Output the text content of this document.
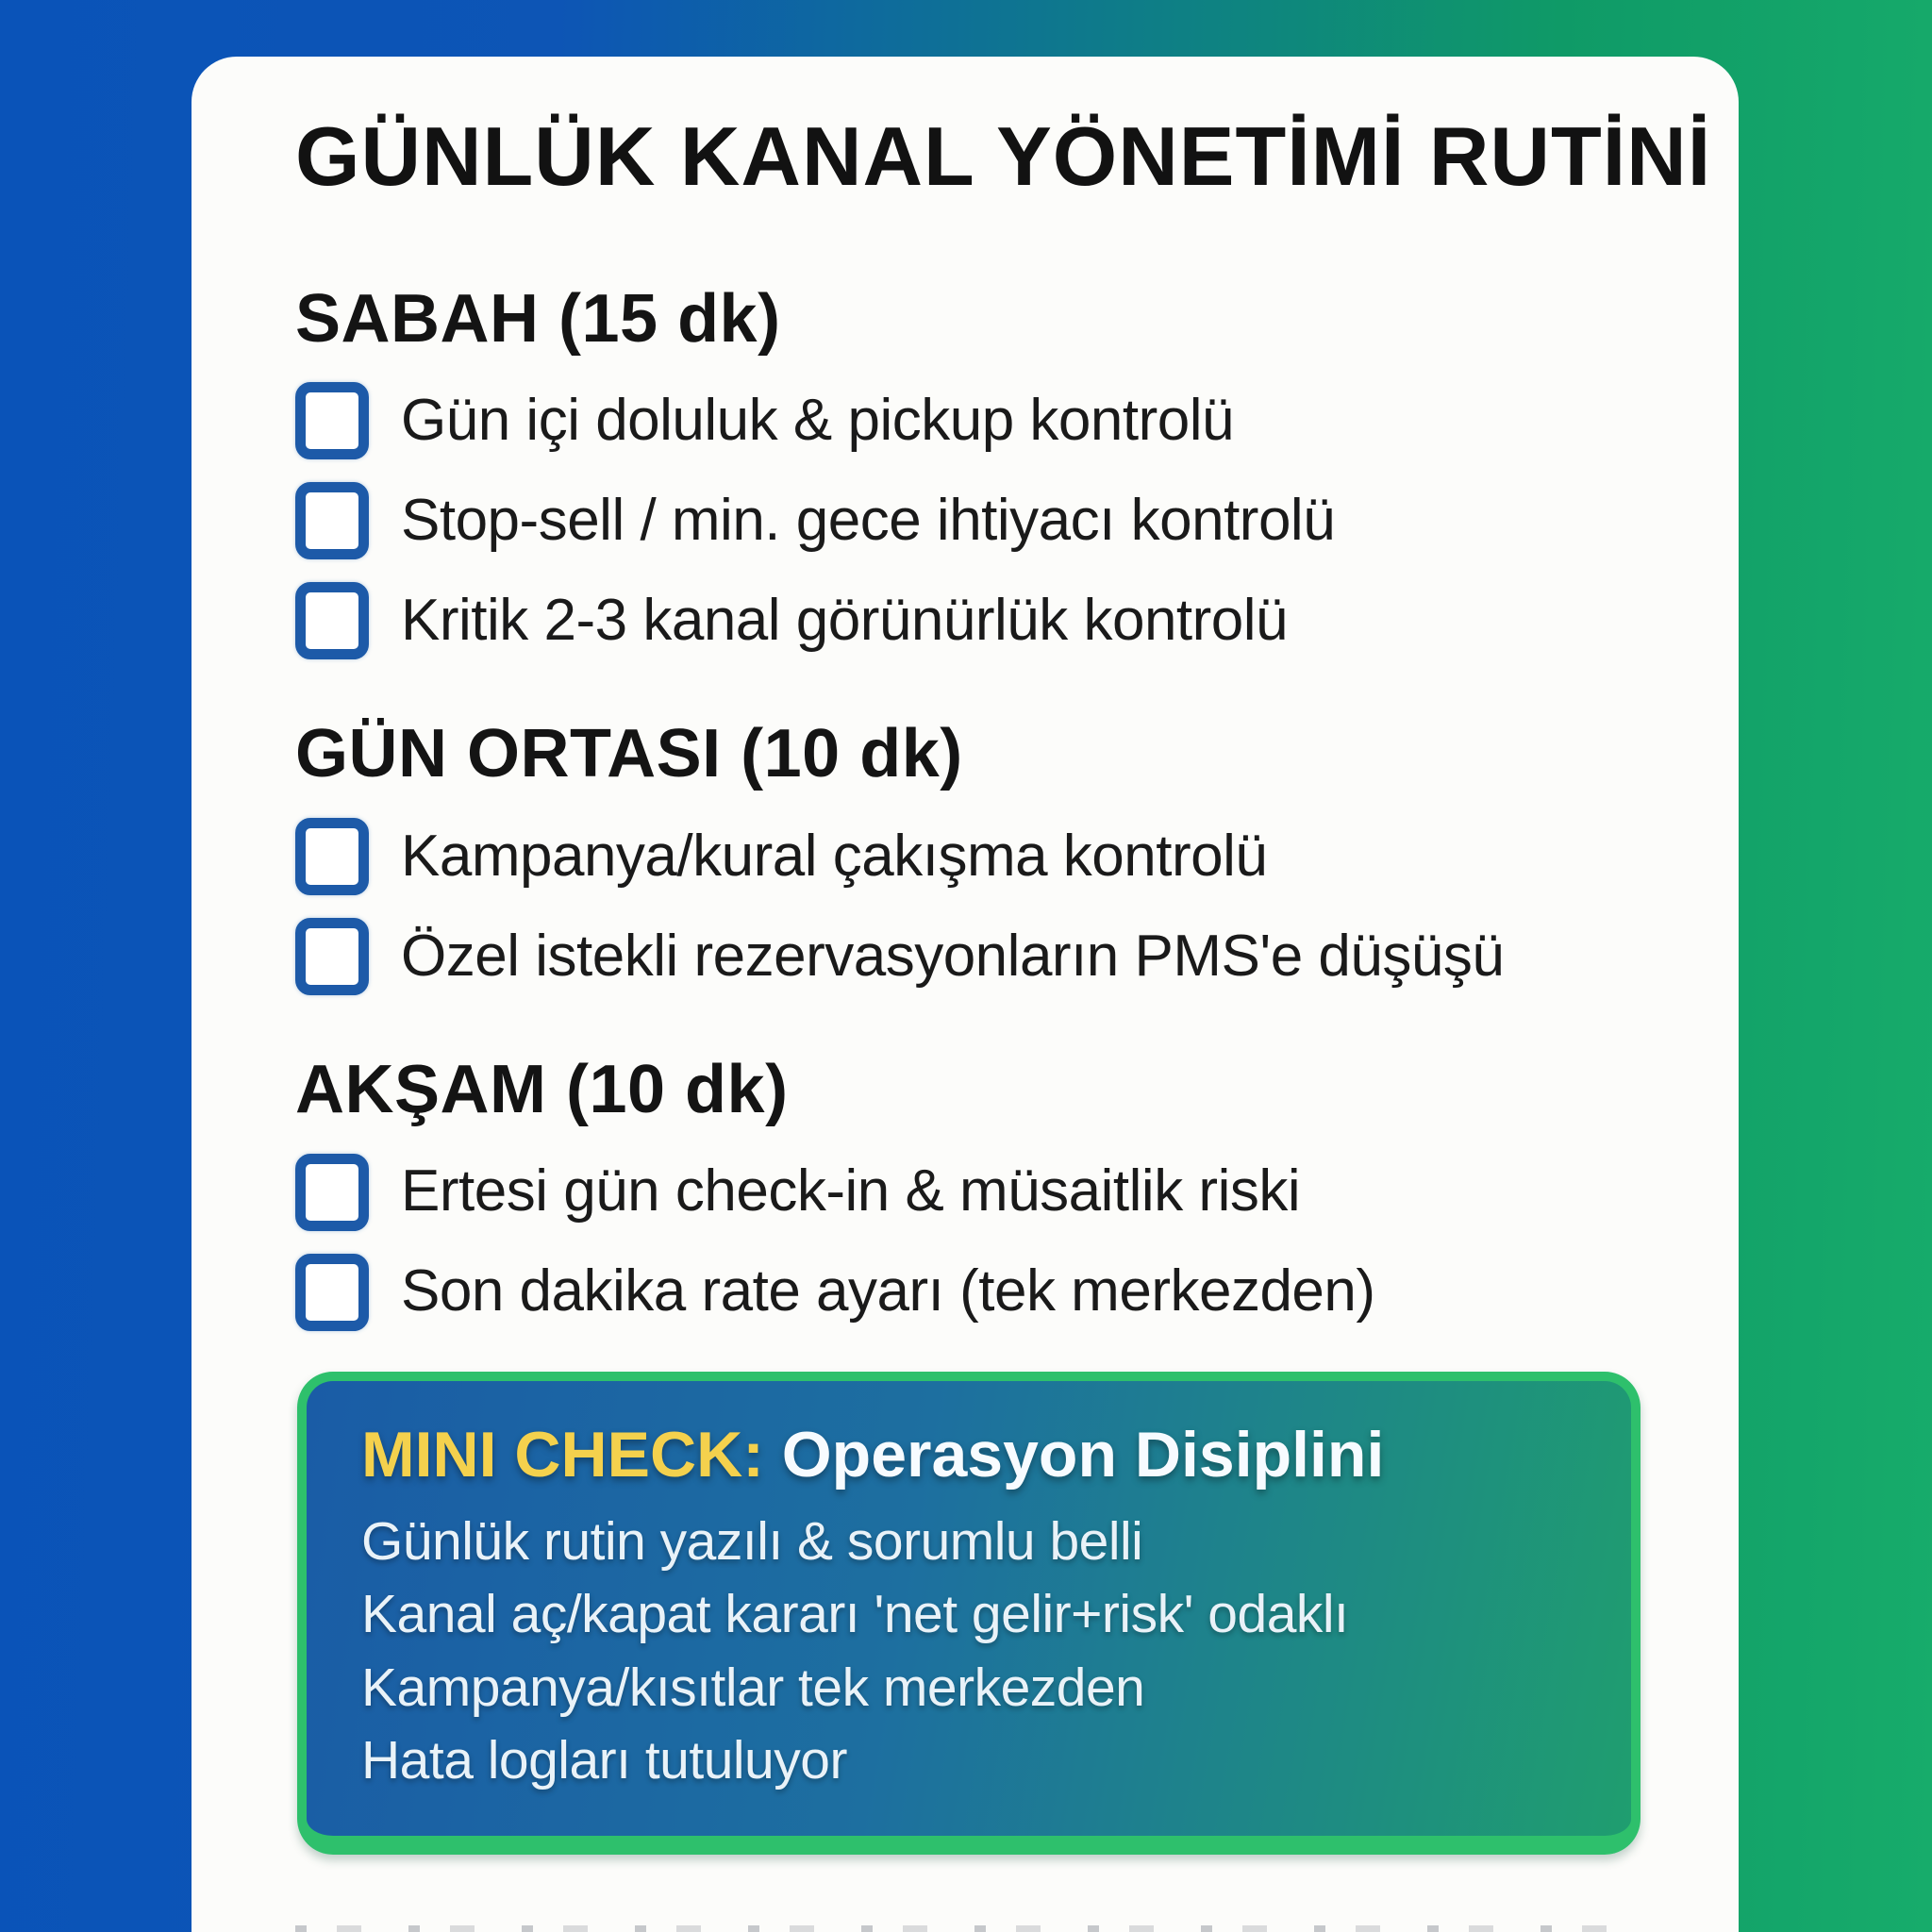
GÜNLÜK KANAL YÖNETİMİ RUTİNİ
SABAH (15 dk)
Gün içi doluluk & pickup kontrolü
Stop-sell / min. gece ihtiyacı kontrolü
Kritik 2-3 kanal görünürlük kontrolü
GÜN ORTASI (10 dk)
Kampanya/kural çakışma kontrolü
Özel istekli rezervasyonların PMS'e düşüşü
AKŞAM (10 dk)
Ertesi gün check-in & müsaitlik riski
Son dakika rate ayarı (tek merkezden)
MINI CHECK: Operasyon Disiplini
Günlük rutin yazılı & sorumlu belli
Kanal aç/kapat kararı 'net gelir+risk' odaklı
Kampanya/kısıtlar tek merkezden
Hata logları tutuluyor
